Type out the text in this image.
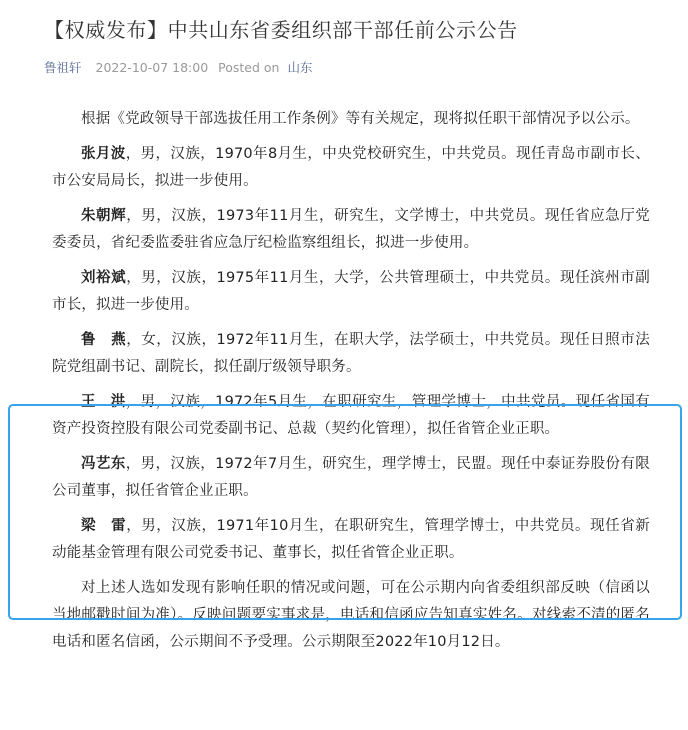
【权威发布】中共山东省委组织部干部任前公示公告
鲁祖轩 2022-10-07 18:00 Posted on 山东

根据《党政领导干部选拔任用工作条例》等有关规定，现将拟任职干部情况予以公示。

张月波，男，汉族，1970年8月生，中央党校研究生，中共党员。现任青岛市副市长、市公安局局长，拟进一步使用。

朱朝辉，男，汉族，1973年11月生，研究生，文学博士，中共党员。现任省应急厅党委委员，省纪委监委驻省应急厅纪检监察组组长，拟进一步使用。

刘裕斌，男，汉族，1975年11月生，大学，公共管理硕士，中共党员。现任滨州市副市长，拟进一步使用。

鲁　燕，女，汉族，1972年11月生，在职大学，法学硕士，中共党员。现任日照市法院党组副书记、副院长，拟任副厅级领导职务。

王　洪，男，汉族，1972年5月生，在职研究生，管理学博士，中共党员。现任省国有资产投资控股有限公司党委副书记、总裁（契约化管理），拟任省管企业正职。

冯艺东，男，汉族，1972年7月生，研究生，理学博士，民盟。现任中泰证券股份有限公司董事，拟任省管企业正职。

梁　雷，男，汉族，1971年10月生，在职研究生，管理学博士，中共党员。现任省新动能基金管理有限公司党委书记、董事长，拟任省管企业正职。

对上述人选如发现有影响任职的情况或问题，可在公示期内向省委组织部反映（信函以当地邮戳时间为准）。反映问题要实事求是，电话和信函应告知真实姓名。对线索不清的匿名电话和匿名信函，公示期间不予受理。公示期限至2022年10月12日。
